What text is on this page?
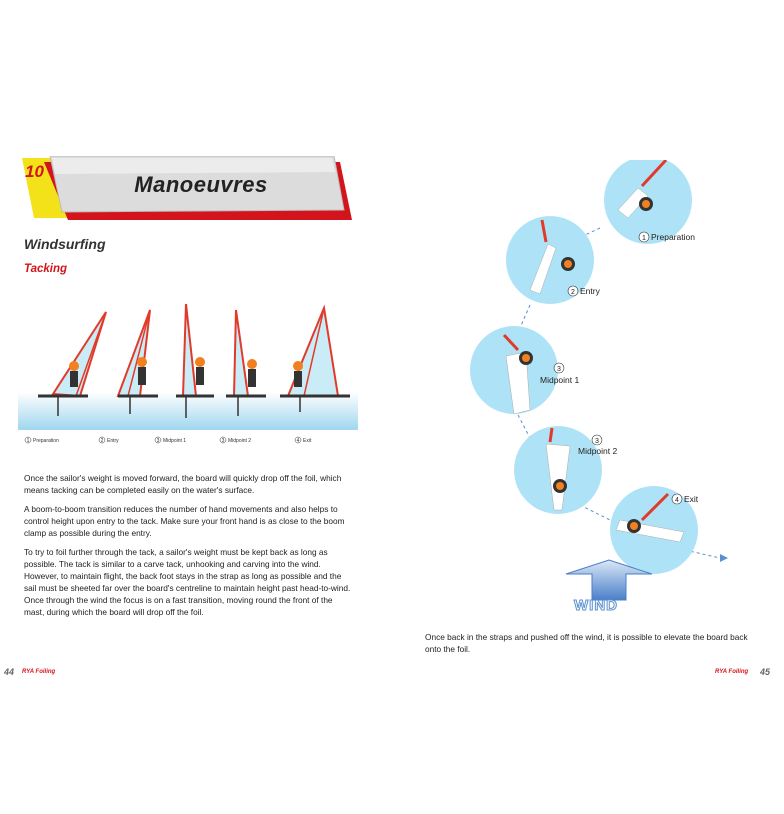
10
Manoeuvres
Windsurfing
Tacking
1 Preparation	2 Entry	3 Midpoint 1	3 Midpoint 2	4 Exit

Once the sailor's weight is moved forward, the board will quickly drop off the foil, which means tacking can be completed easily on the water's surface.

A boom-to-boom transition reduces the number of hand movements and also helps to control height upon entry to the tack. Make sure your front hand is as close to the boom clamp as possible during the entry.

To try to foil further through the tack, a sailor's weight must be kept back as long as possible. The tack is similar to a carve tack, unhooking and carving into the wind. However, to maintain flight, the back foot stays in the strap as long as possible and the sail must be sheeted far over the board's centreline to maintain height past head-to-wind. Once through the wind the focus is on a fast transition, moving round the front of the mast, during which the board will drop off the foil.

1 Preparation
2 Entry
3
Midpoint 1
3
Midpoint 2
4 Exit
WIND

Once back in the straps and pushed off the wind, it is possible to elevate the board back onto the foil.

44 RYA Foiling	RYA Foiling 45
